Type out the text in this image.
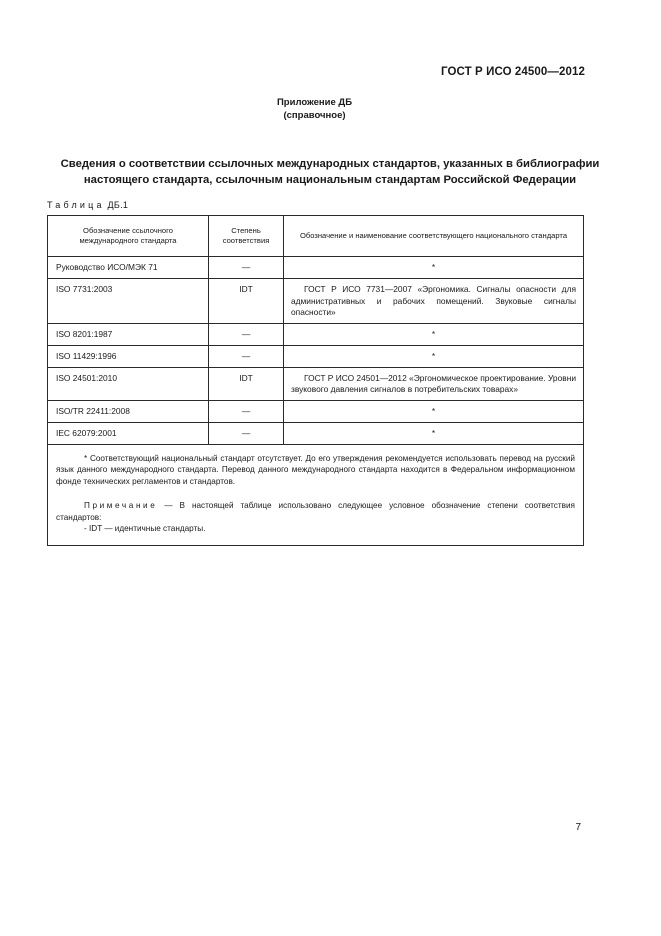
ГОСТ Р ИСО 24500—2012
Приложение ДБ
(справочное)
Сведения о соответствии ссылочных международных стандартов, указанных в библиографии настоящего стандарта, ссылочным национальным стандартам Российской Федерации
Таблица ДБ.1
Обозначение ссылочного международного стандарта	Степень соответствия	Обозначение и наименование соответствующего национального стандарта
Руководство ИСО/МЭК 71	—	*
ISO 7731:2003	IDT	ГОСТ Р ИСО 7731—2007 «Эргономика. Сигналы опасности для административных и рабочих помещений. Звуковые сигналы опасности»
ISO 8201:1987	—	*
ISO 11429:1996	—	*
ISO 24501:2010	IDT	ГОСТ Р ИСО 24501—2012 «Эргономическое проектирование. Уровни звукового давления сигналов в потребительских товарах»
ISO/TR 22411:2008	—	*
IEC 62079:2001	—	*

* Соответствующий национальный стандарт отсутствует. До его утверждения рекомендуется использовать перевод на русский язык данного международного стандарта. Перевод данного международного стандарта находится в Федеральном информационном фонде технических регламентов и стандартов.
Примечание — В настоящей таблице использовано следующее условное обозначение степени соответствия стандартов:
- IDT — идентичные стандарты.		
7
